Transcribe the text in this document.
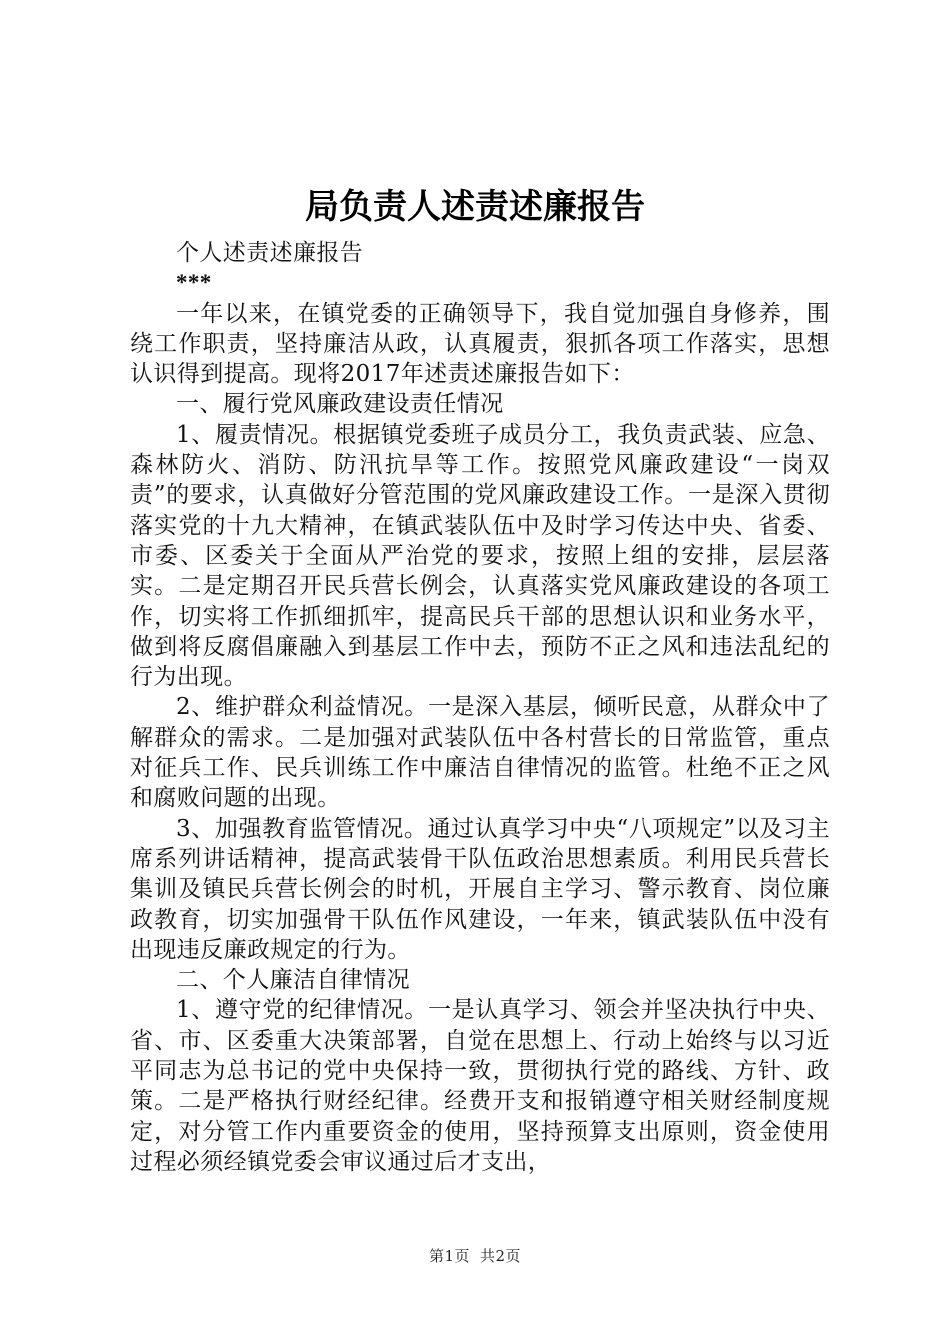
局负责人述责述廉报告

个人述责述廉报告

***

一年以来，在镇党委的正确领导下，我自觉加强自身修养，围绕工作职责，坚持廉洁从政，认真履责，狠抓各项工作落实，思想认识得到提高。现将2017年述责述廉报告如下：

一、履行党风廉政建设责任情况

1、履责情况。根据镇党委班子成员分工，我负责武装、应急、森林防火、消防、防汛抗旱等工作。按照党风廉政建设“一岗双责”的要求，认真做好分管范围的党风廉政建设工作。一是深入贯彻落实党的十九大精神，在镇武装队伍中及时学习传达中央、省委、市委、区委关于全面从严治党的要求，按照上组的安排，层层落实。二是定期召开民兵营长例会，认真落实党风廉政建设的各项工作，切实将工作抓细抓牢，提高民兵干部的思想认识和业务水平，做到将反腐倡廉融入到基层工作中去，预防不正之风和违法乱纪的行为出现。

2、维护群众利益情况。一是深入基层，倾听民意，从群众中了解群众的需求。二是加强对武装队伍中各村营长的日常监管，重点对征兵工作、民兵训练工作中廉洁自律情况的监管。杜绝不正之风和腐败问题的出现。

3、加强教育监管情况。通过认真学习中央“八项规定”以及习主席系列讲话精神，提高武装骨干队伍政治思想素质。利用民兵营长集训及镇民兵营长例会的时机，开展自主学习、警示教育、岗位廉政教育，切实加强骨干队伍作风建设，一年来，镇武装队伍中没有出现违反廉政规定的行为。

二、个人廉洁自律情况

1、遵守党的纪律情况。一是认真学习、领会并坚决执行中央、省、市、区委重大决策部署，自觉在思想上、行动上始终与以习近平同志为总书记的党中央保持一致，贯彻执行党的路线、方针、政策。二是严格执行财经纪律。经费开支和报销遵守相关财经制度规定，对分管工作内重要资金的使用，坚持预算支出原则，资金使用过程必须经镇党委会审议通过后才支出，

第1页 共2页
